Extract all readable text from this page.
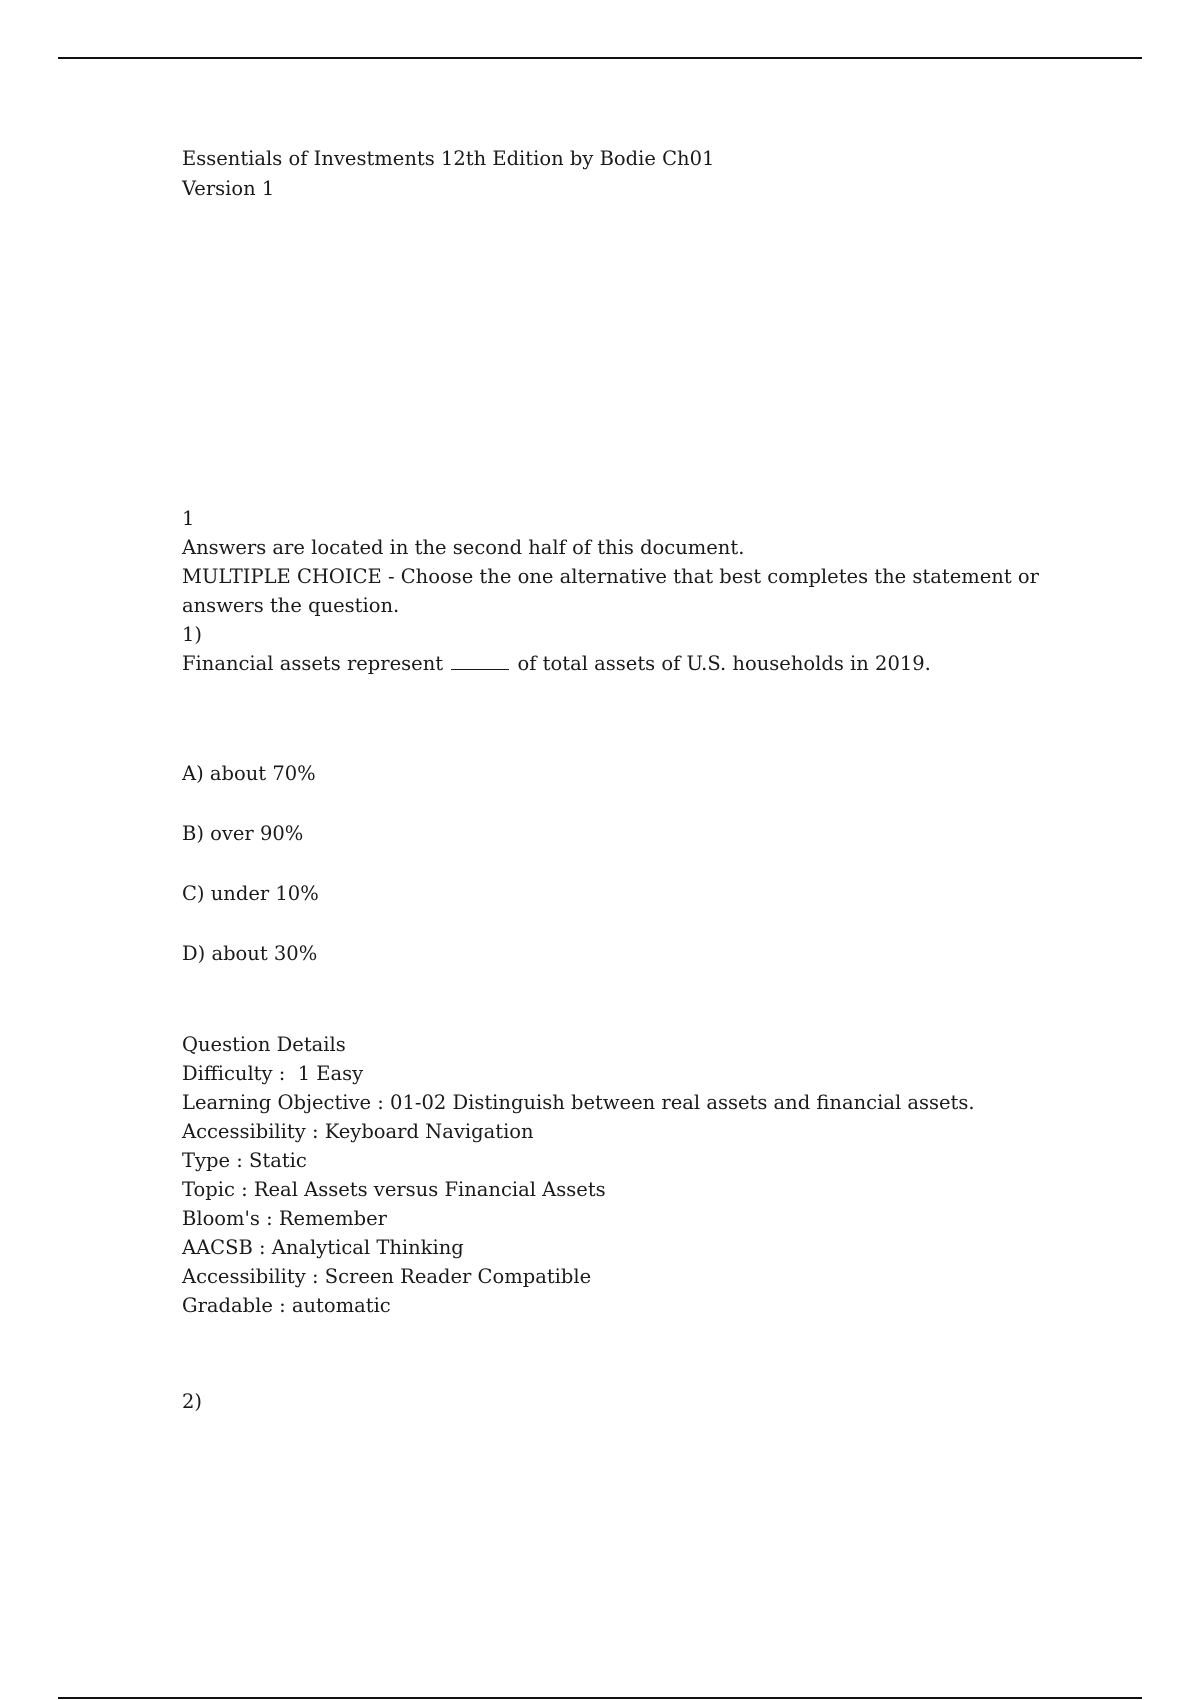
Essentials of Investments 12th Edition by Bodie Ch01
Version 1
1
Answers are located in the second half of this document.
MULTIPLE CHOICE - Choose the one alternative that best completes the statement or answers the question.
1)
Financial assets represent	of total assets of U.S. households in 2019.
A) about 70%
B) over 90%
C) under 10%
D) about 30%
Question Details
Difficulty :  1 Easy
Learning Objective : 01-02 Distinguish between real assets and financial assets.
Accessibility : Keyboard Navigation
Type : Static
Topic : Real Assets versus Financial Assets
Bloom's : Remember
AACSB : Analytical Thinking
Accessibility : Screen Reader Compatible
Gradable : automatic
2)
